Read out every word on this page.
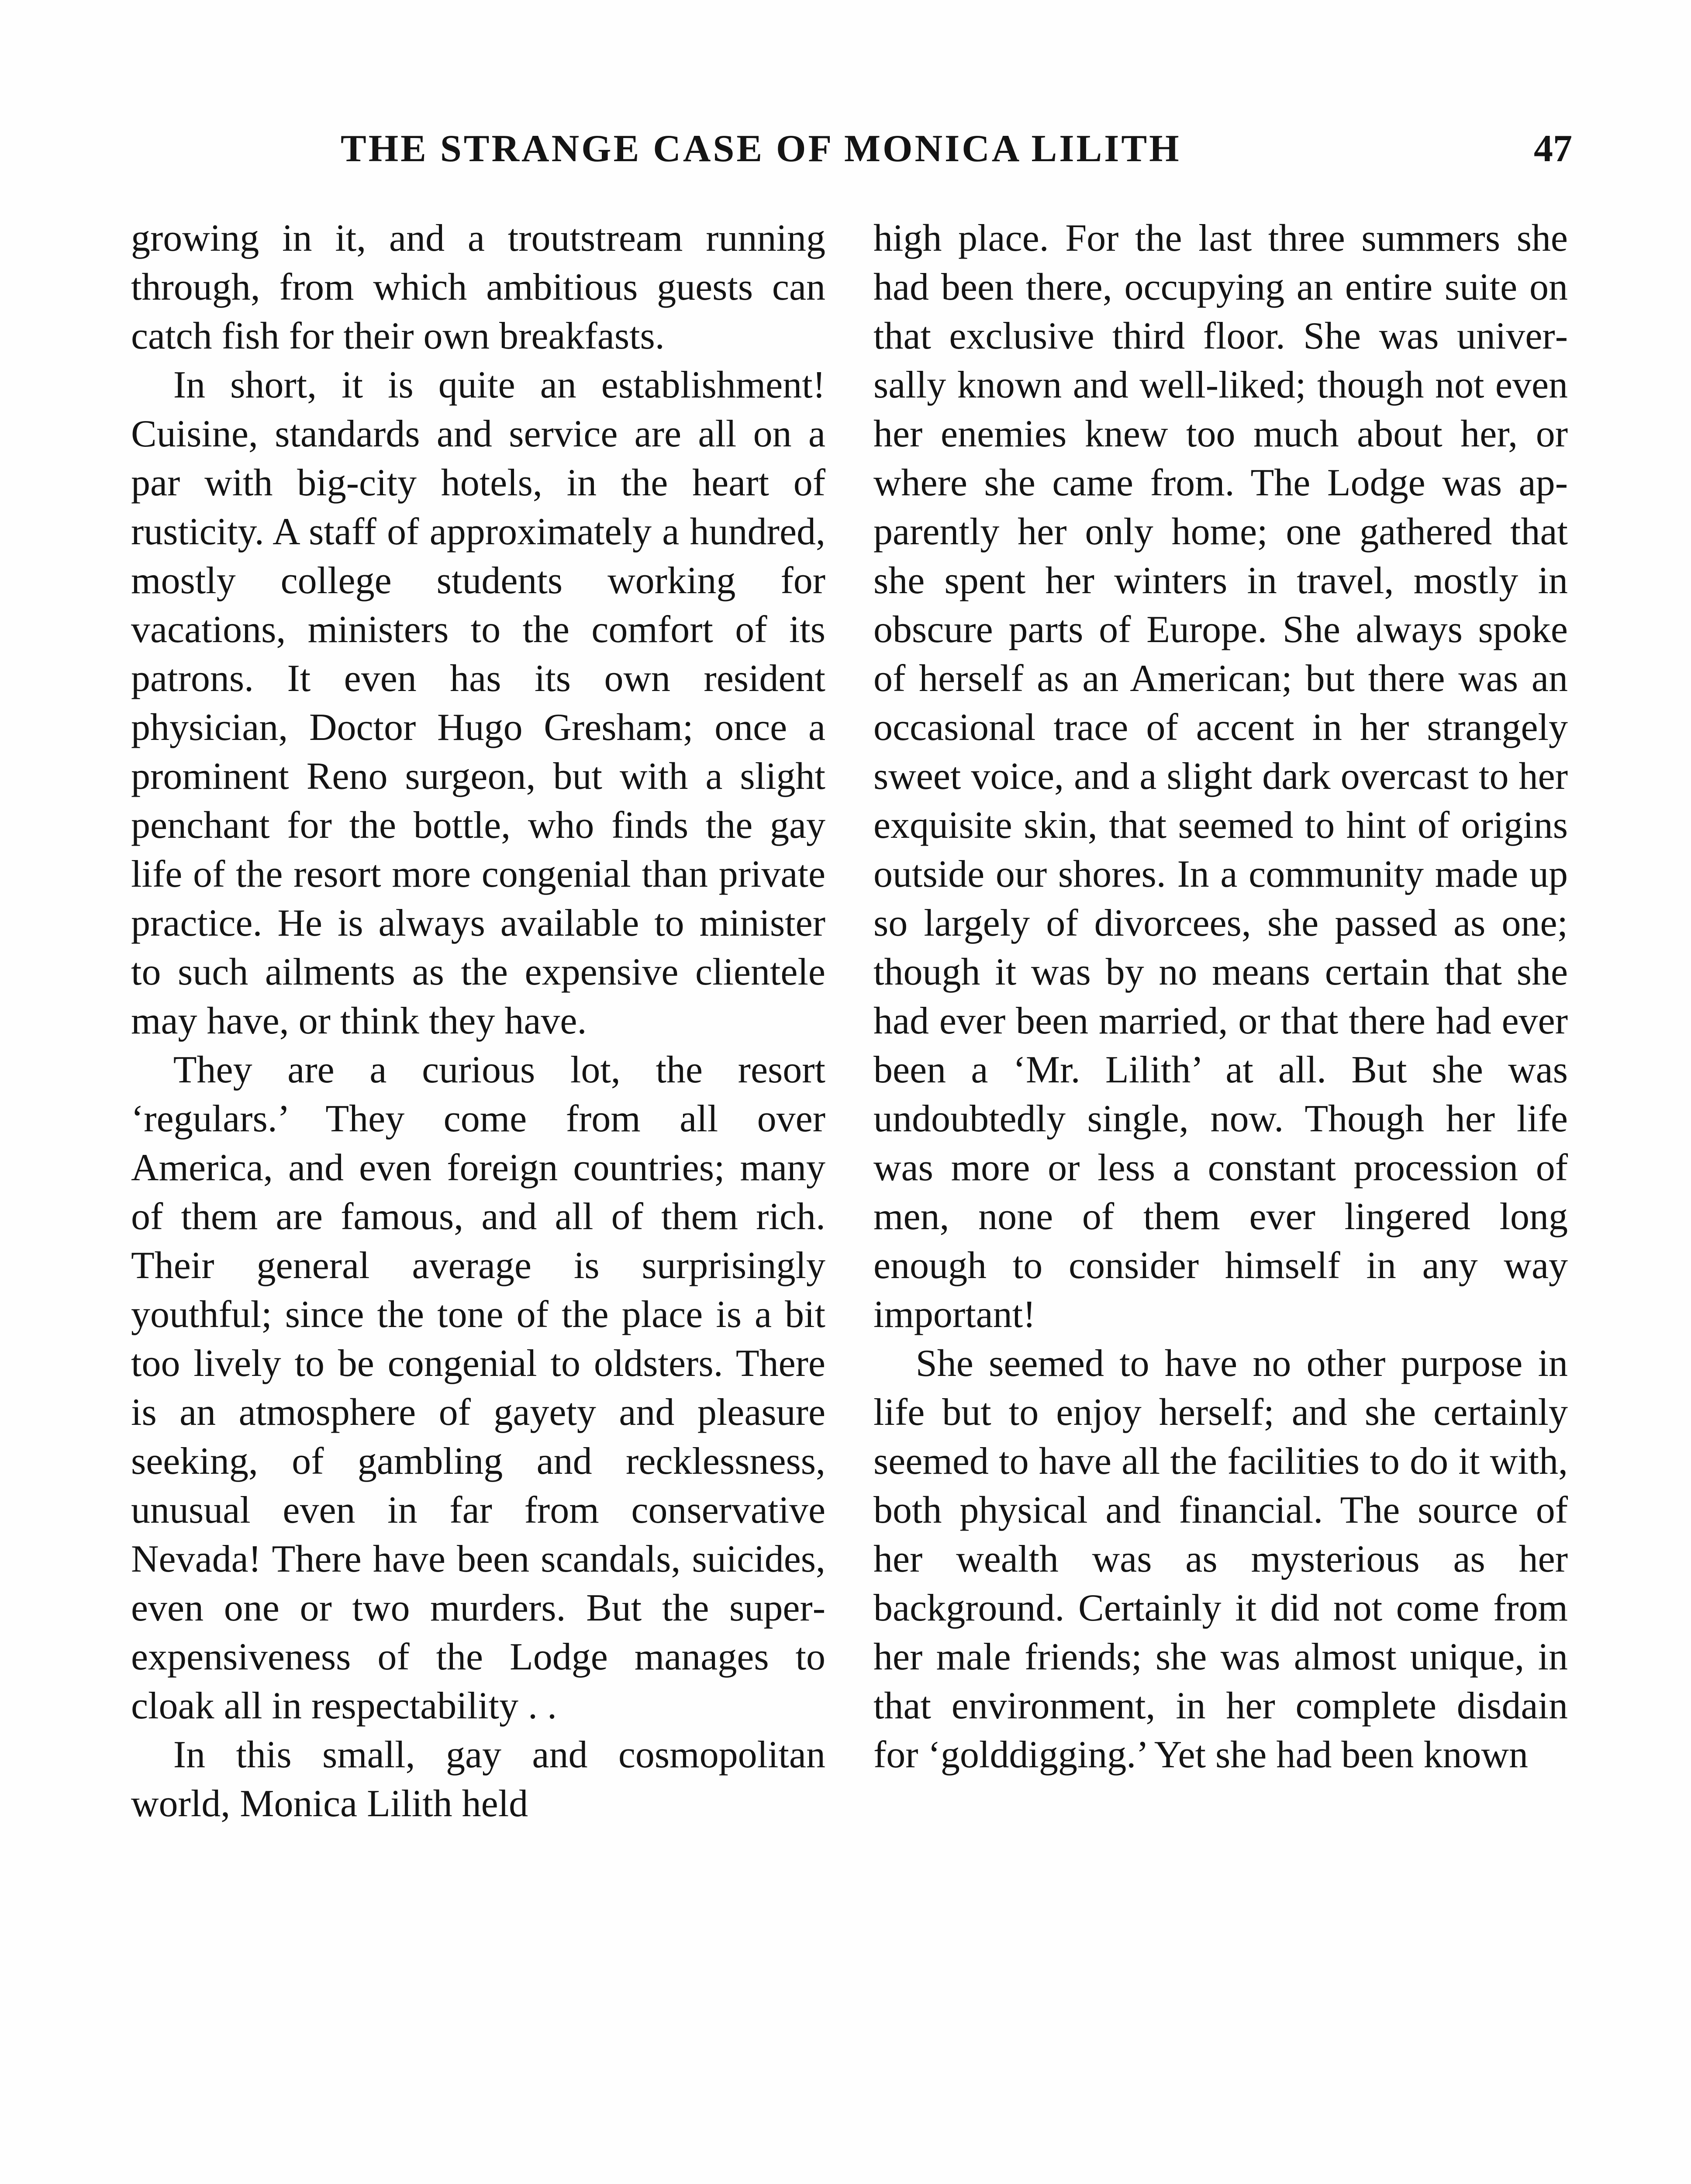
THE STRANGE CASE OF MONICA LILITH	47

growing in it, and a troutstream running through, from which ambitious guests can catch fish for their own breakfasts.

In short, it is quite an establishment! Cuisine, standards and service are all on a par with big-city hotels, in the heart of rusticity. A staff of approximately a hundred, mostly college students working for vacations, ministers to the comfort of its patrons. It even has its own resident physician, Doctor Hugo Gresham; once a prominent Reno surgeon, but with a slight penchant for the bottle, who finds the gay life of the resort more congenial than private practice. He is always available to minister to such ailments as the expensive clientele may have, or think they have.

They are a curious lot, the resort ‘regulars.’ They come from all over America, and even foreign countries; many of them are famous, and all of them rich. Their general average is surprisingly youthful; since the tone of the place is a bit too lively to be congenial to oldsters. There is an atmosphere of gayety and pleasure seeking, of gambling and recklessness, unusual even in far from conservative Nevada! There have been scandals, suicides, even one or two murders. But the superexpensiveness of the Lodge manages to cloak all in respectability . .

In this small, gay and cosmopolitan world, Monica Lilith held

high place. For the last three summers she had been there, occupying an entire suite on that exclusive third floor. She was universally known and well-liked; though not even her enemies knew too much about her, or where she came from. The Lodge was apparently her only home; one gathered that she spent her winters in travel, mostly in obscure parts of Europe. She always spoke of herself as an American; but there was an occasional trace of accent in her strangely sweet voice, and a slight dark overcast to her exquisite skin, that seemed to hint of origins outside our shores. In a community made up so largely of divorcees, she passed as one; though it was by no means certain that she had ever been married, or that there had ever been a ‘Mr. Lilith’ at all. But she was undoubtedly single, now. Though her life was more or less a constant procession of men, none of them ever lingered long enough to consider himself in any way important!

She seemed to have no other purpose in life but to enjoy herself; and she certainly seemed to have all the facilities to do it with, both physical and financial. The source of her wealth was as mysterious as her background. Certainly it did not come from her male friends; she was almost unique, in that environment, in her complete disdain for ‘golddigging.’ Yet she had been known
